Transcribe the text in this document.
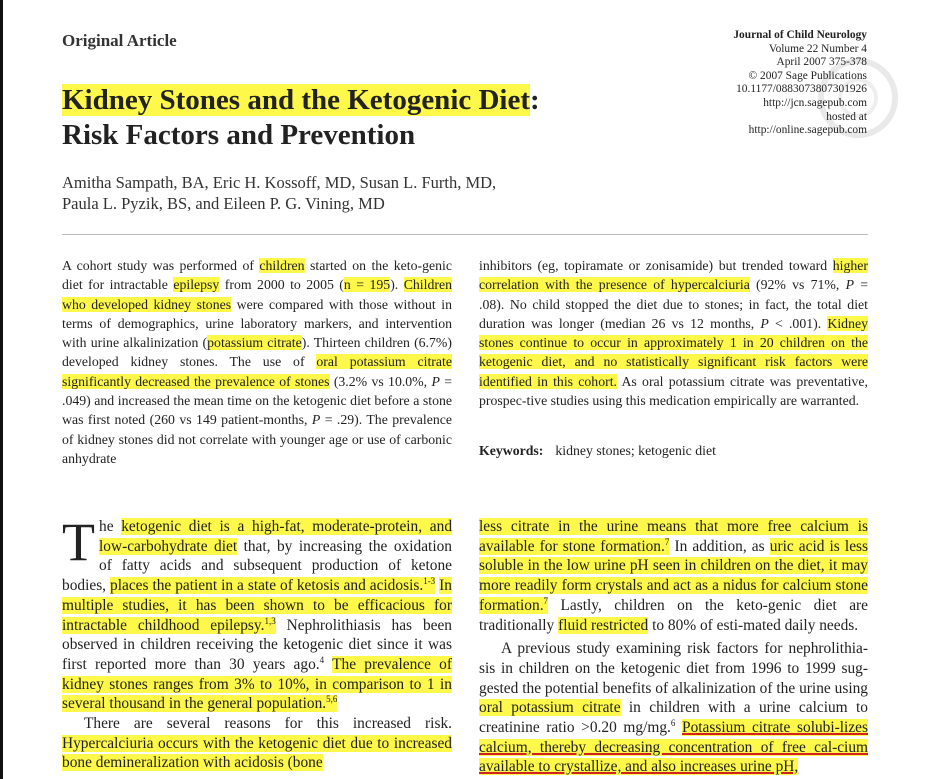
Original Article	Journal of Child Neurology
Volume 22 Number 4
April 2007 375-378
© 2007 Sage Publications
10.1177/0883073807301926
http://jcn.sagepub.com
hosted at
http://online.sagepub.com
Kidney Stones and the Ketogenic Diet:
Risk Factors and Prevention
Amitha Sampath, BA, Eric H. Kossoff, MD, Susan L. Furth, MD,
Paula L. Pyzik, BS, and Eileen P. G. Vining, MD
A cohort study was performed of children started on the keto-genic diet for intractable epilepsy from 2000 to 2005 (n = 195). Children who developed kidney stones were compared with those without in terms of demographics, urine laboratory markers, and intervention with urine alkalinization (potassium citrate). Thirteen children (6.7%) developed kidney stones. The use of oral potassium citrate significantly decreased the prevalence of stones (3.2% vs 10.0%, P = .049) and increased the mean time on the ketogenic diet before a stone was first noted (260 vs 149 patient-months, P = .29). The prevalence of kidney stones did not correlate with younger age or use of carbonic anhydrate
inhibitors (eg, topiramate or zonisamide) but trended toward higher correlation with the presence of hypercalciuria (92% vs 71%, P = .08). No child stopped the diet due to stones; in fact, the total diet duration was longer (median 26 vs 12 months, P < .001). Kidney stones continue to occur in approximately 1 in 20 children on the ketogenic diet, and no statistically significant risk factors were identified in this cohort. As oral potassium citrate was preventative, prospec-tive studies using this medication empirically are warranted.
Keywords: kidney stones; ketogenic diet

The ketogenic diet is a high-fat, moderate-protein, and low-carbohydrate diet that, by increasing the oxidation of fatty acids and subsequent production of ketone bodies, places the patient in a state of ketosis and acidosis.$^{1-3}$ In multiple studies, it has been shown to be efficacious for intractable childhood epilepsy.$^{1,3}$ Nephrolithiasis has been observed in children receiving the ketogenic diet since it was first reported more than 30 years ago.$^4$ The prevalence of kidney stones ranges from 3% to 10%, in comparison to 1 in several thousand in the general population.$^{5,6}$

There are several reasons for this increased risk. Hypercalciuria occurs with the ketogenic diet due to increased bone demineralization with acidosis (bone

less citrate in the urine means that more free calcium is available for stone formation.$^7$ In addition, as uric acid is less soluble in the low urine pH seen in children on the diet, it may more readily form crystals and act as a nidus for calcium stone formation.$^7$ Lastly, children on the keto-genic diet are traditionally fluid restricted to 80% of esti-mated daily needs.

A previous study examining risk factors for nephrolithia-sis in children on the ketogenic diet from 1996 to 1999 sug-gested the potential benefits of alkalinization of the urine using oral potassium citrate in children with a urine calcium to creatinine ratio >0.20 mg/mg.$^6$ Potassium citrate solubi-lizes calcium, thereby decreasing concentration of free cal-cium available to crystallize, and also increases urine pH,
